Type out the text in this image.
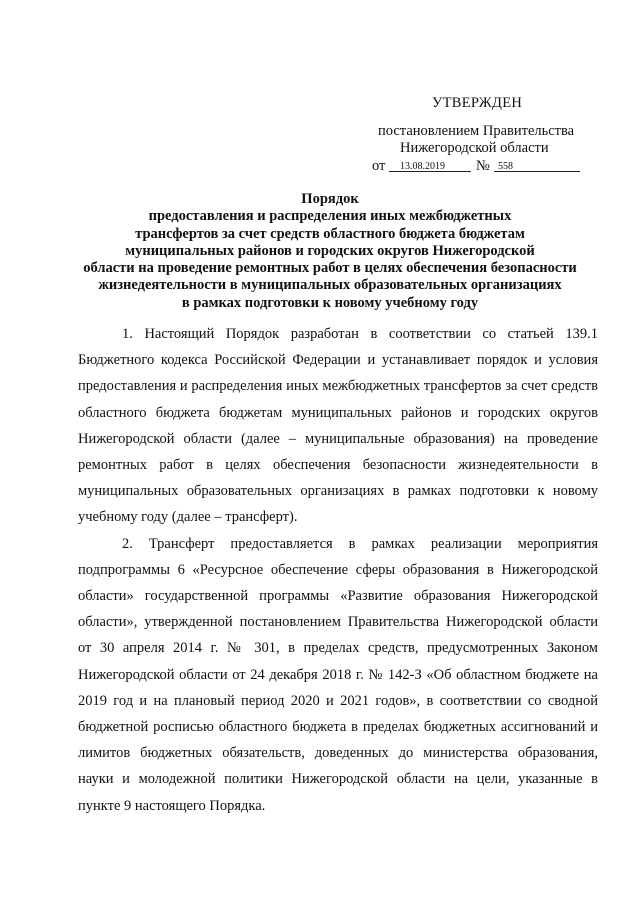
УТВЕРЖДЕН
постановлением Правительства
Нижегородской области
от 13.08.2019 № 558
Порядок
предоставления и распределения иных межбюджетных
трансфертов за счет средств областного бюджета бюджетам
муниципальных районов и городских округов Нижегородской
области на проведение ремонтных работ в целях обеспечения безопасности
жизнедеятельности в муниципальных образовательных организациях
в рамках подготовки к новому учебному году

1. Настоящий Порядок разработан в соответствии со статьей 139.1 Бюджетного кодекса Российской Федерации и устанавливает порядок и условия предоставления и распределения иных межбюджетных трансфертов за счет средств областного бюджета бюджетам муниципальных районов и городских округов Нижегородской области (далее – муниципальные образования) на проведение ремонтных работ в целях обеспечения безопасности жизнедеятельности в муниципальных образовательных организациях в рамках подготовки к новому учебному году (далее – трансферт).

2. Трансферт предоставляется в рамках реализации мероприятия подпрограммы 6 «Ресурсное обеспечение сферы образования в Нижегородской области» государственной программы «Развитие образования Нижегородской области», утвержденной постановлением Правительства Нижегородской области от 30 апреля 2014 г. № 301, в пределах средств, предусмотренных Законом Нижегородской области от 24 декабря 2018 г. № 142-З «Об областном бюджете на 2019 год и на плановый период 2020 и 2021 годов», в соответствии со сводной бюджетной росписью областного бюджета в пределах бюджетных ассигнований и лимитов бюджетных обязательств, доведенных до министерства образования, науки и молодежной политики Нижегородской области на цели, указанные в пункте 9 настоящего Порядка.
